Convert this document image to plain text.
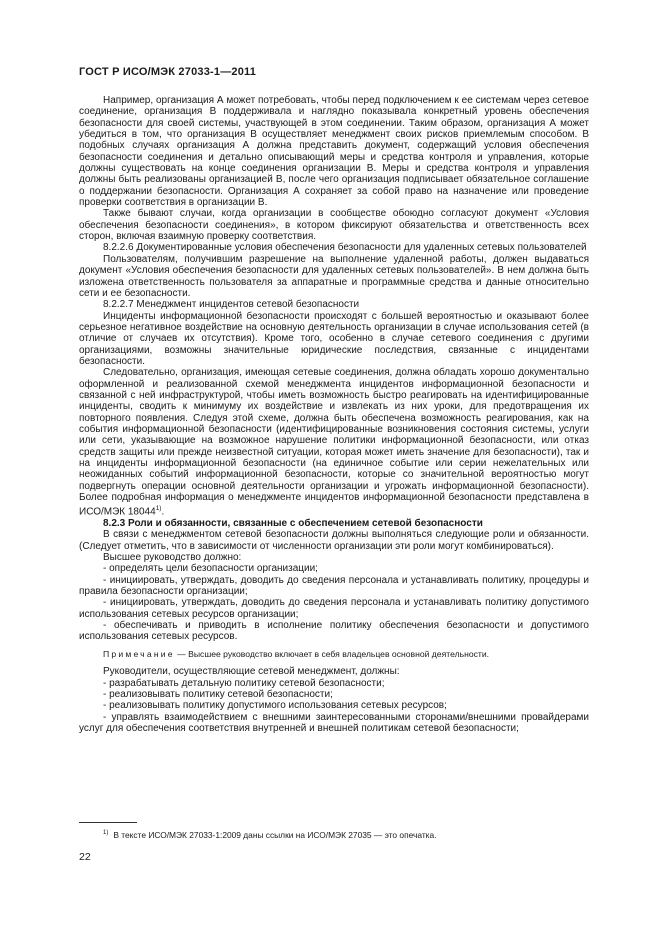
ГОСТ Р ИСО/МЭК 27033-1—2011

Например, организация А может потребовать, чтобы перед подключением к ее системам через сетевое соединение, организация В поддерживала и наглядно показывала конкретный уровень обеспечения безопасности для своей системы, участвующей в этом соединении. Таким образом, организация А может убедиться в том, что организация В осуществляет менеджмент своих рисков приемлемым способом. В подобных случаях организация А должна представить документ, содержащий условия обеспечения безопасности соединения и детально описывающий меры и средства контроля и управления, которые должны существовать на конце соединения организации В. Меры и средства контроля и управления должны быть реализованы организацией В, после чего организация подписывает обязательное соглашение о поддержании безопасности. Организация А сохраняет за собой право на назначение или проведение проверки соответствия в организации В.

Также бывают случаи, когда организации в сообществе обоюдно согласуют документ «Условия обеспечения безопасности соединения», в котором фиксируют обязательства и ответственность всех сторон, включая взаимную проверку соответствия.

8.2.2.6 Документированные условия обеспечения безопасности для удаленных сетевых пользователей

Пользователям, получившим разрешение на выполнение удаленной работы, должен выдаваться документ «Условия обеспечения безопасности для удаленных сетевых пользователей». В нем должна быть изложена ответственность пользователя за аппаратные и программные средства и данные относительно сети и ее безопасности.

8.2.2.7 Менеджмент инцидентов сетевой безопасности

Инциденты информационной безопасности происходят с большей вероятностью и оказывают более серьезное негативное воздействие на основную деятельность организации в случае использования сетей (в отличие от случаев их отсутствия). Кроме того, особенно в случае сетевого соединения с другими организациями, возможны значительные юридические последствия, связанные с инцидентами безопасности.

Следовательно, организация, имеющая сетевые соединения, должна обладать хорошо документально оформленной и реализованной схемой менеджмента инцидентов информационной безопасности и связанной с ней инфраструктурой, чтобы иметь возможность быстро реагировать на идентифицированные инциденты, сводить к минимуму их воздействие и извлекать из них уроки, для предотвращения их повторного появления. Следуя этой схеме, должна быть обеспечена возможность реагирования, как на события информационной безопасности (идентифицированные возникновения состояния системы, услуги или сети, указывающие на возможное нарушение политики информационной безопасности, или отказ средств защиты или прежде неизвестной ситуации, которая может иметь значение для безопасности), так и на инциденты информационной безопасности (на единичное событие или серии нежелательных или неожиданных событий информационной безопасности, которые со значительной вероятностью могут подвергнуть операции основной деятельности организации и угрожать информационной безопасности). Более подробная информация о менеджменте инцидентов информационной безопасности представлена в ИСО/МЭК 18044$^{1)}$.

8.2.3 Роли и обязанности, связанные с обеспечением сетевой безопасности

В связи с менеджментом сетевой безопасности должны выполняться следующие роли и обязанности. (Следует отметить, что в зависимости от численности организации эти роли могут комбинироваться).

Высшее руководство должно:

- определять цели безопасности организации;

- инициировать, утверждать, доводить до сведения персонала и устанавливать политику, процедуры и правила безопасности организации;

- инициировать, утверждать, доводить до сведения персонала и устанавливать политику допустимого использования сетевых ресурсов организации;

- обеспечивать и приводить в исполнение политику обеспечения безопасности и допустимого использования сетевых ресурсов.

Примечание — Высшее руководство включает в себя владельцев основной деятельности.

Руководители, осуществляющие сетевой менеджмент, должны:

- разрабатывать детальную политику сетевой безопасности;

- реализовывать политику сетевой безопасности;

- реализовывать политику допустимого использования сетевых ресурсов;

- управлять взаимодействием с внешними заинтересованными сторонами/внешними провайдерами услуг для обеспечения соответствия внутренней и внешней политикам сетевой безопасности;

$^{1)}$ В тексте ИСО/МЭК 27033-1:2009 даны ссылки на ИСО/МЭК 27035 — это опечатка.
22
